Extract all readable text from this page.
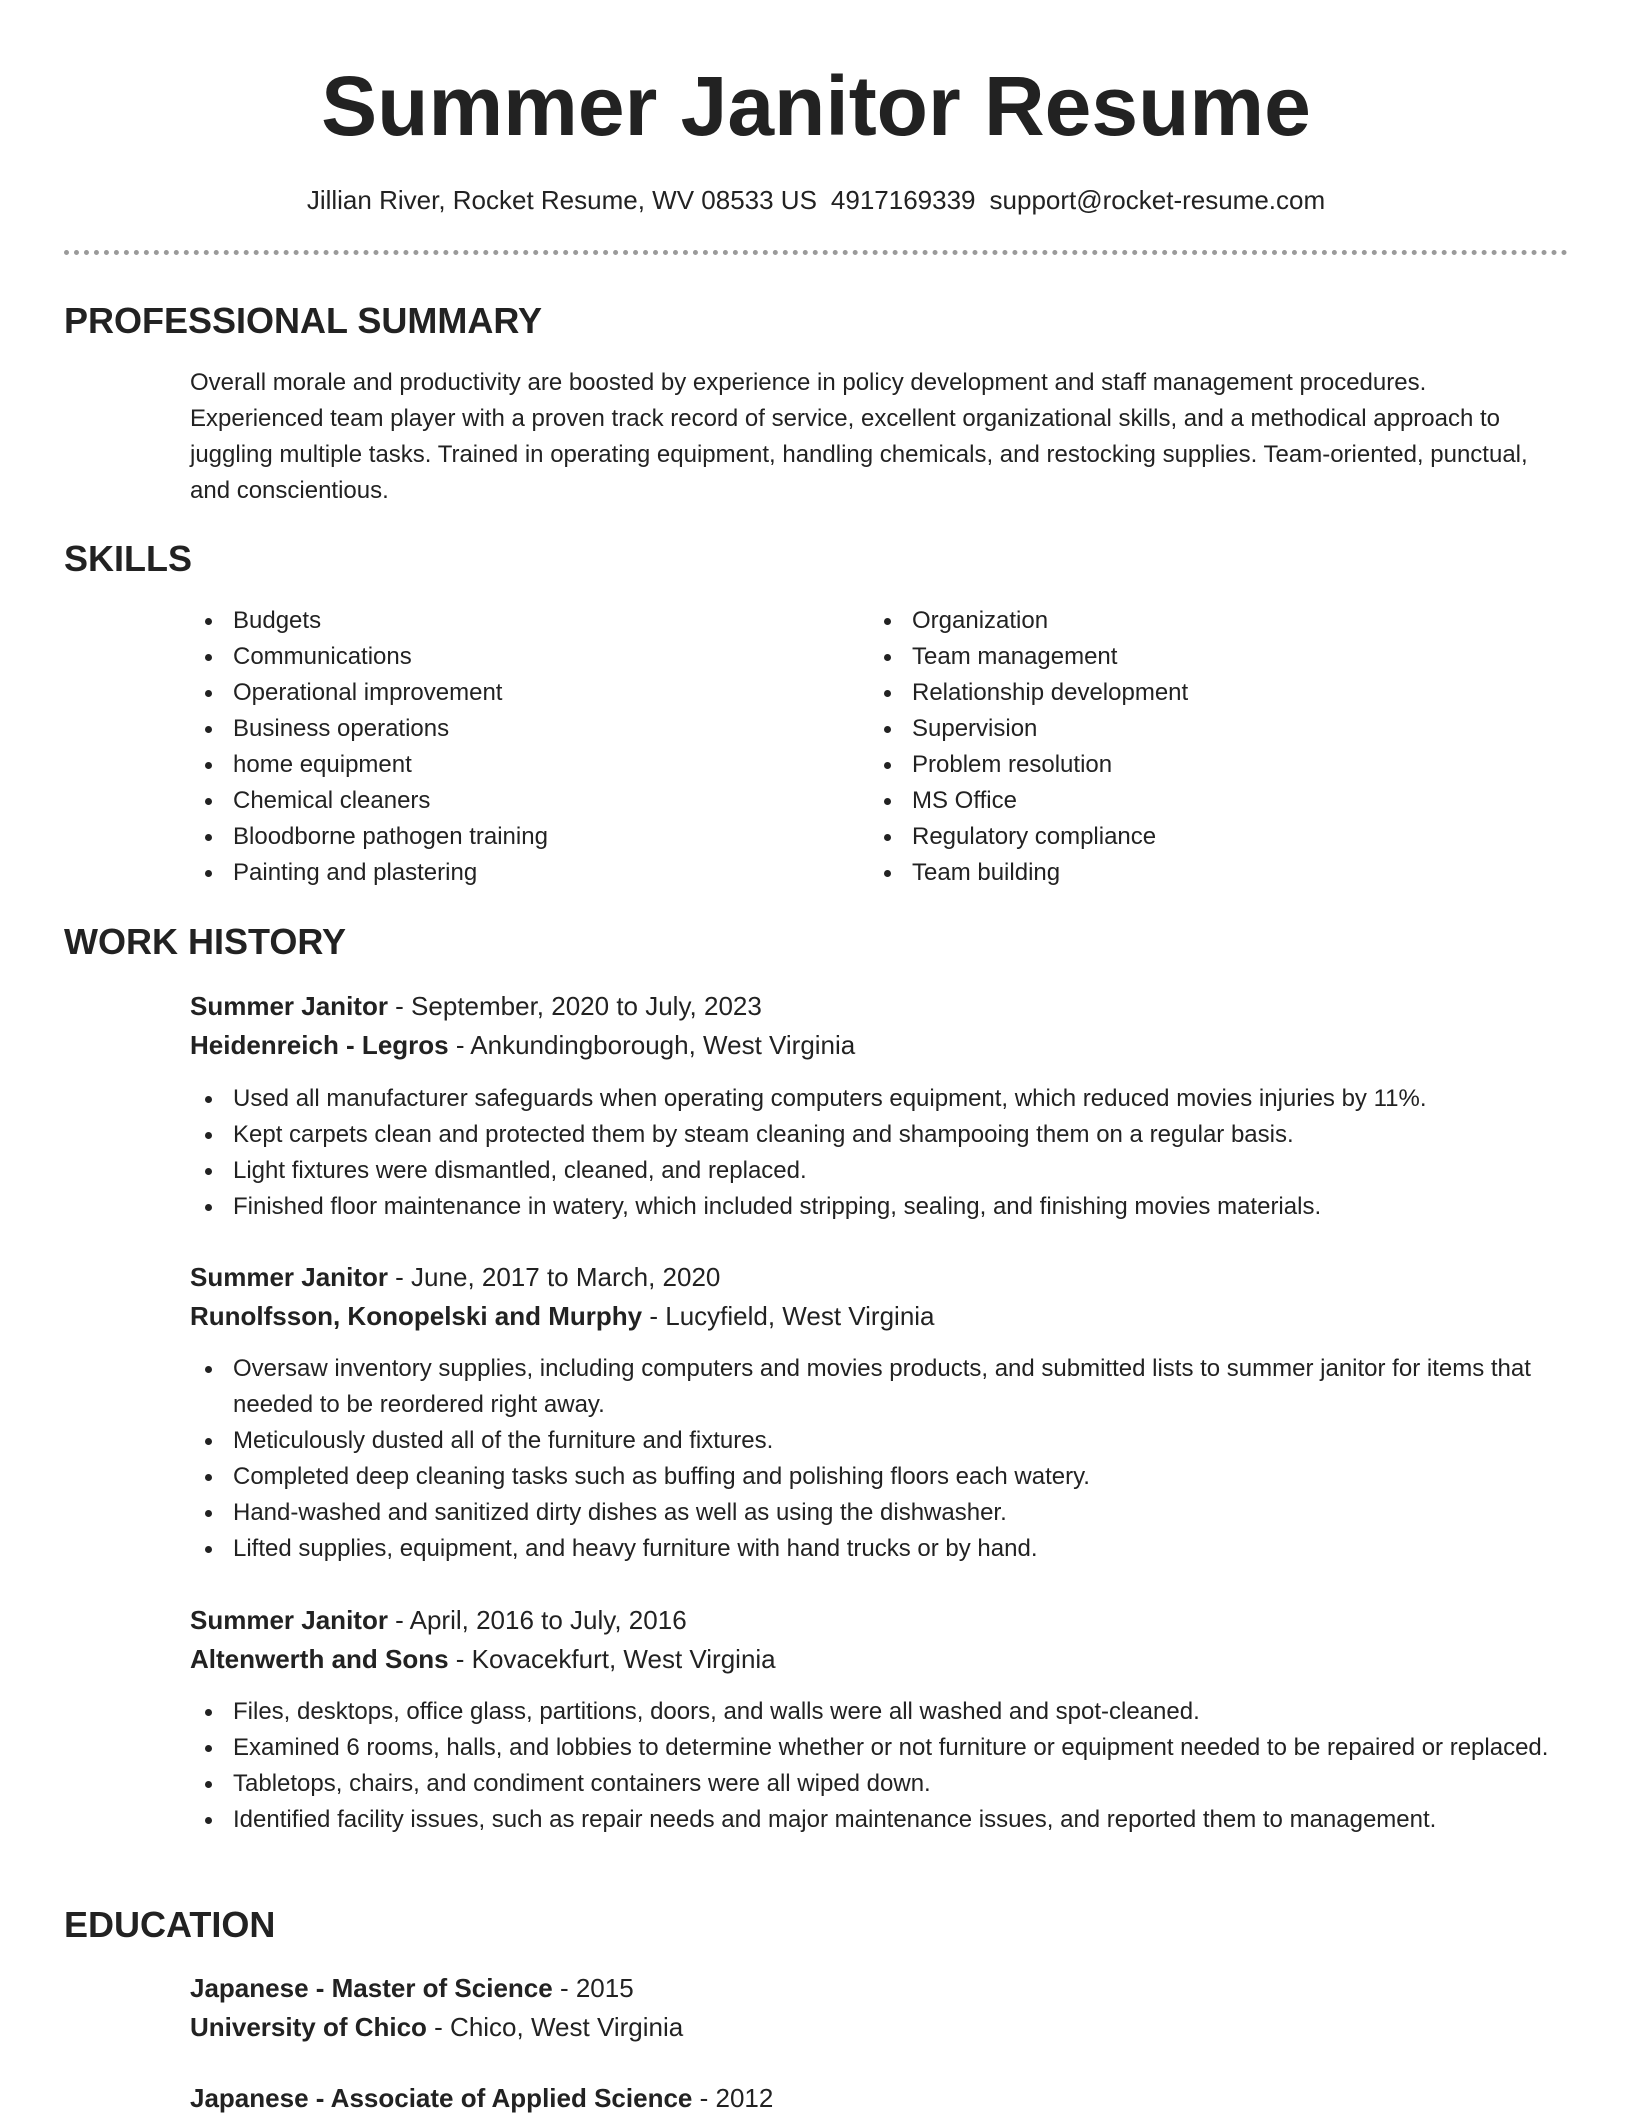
Summer Janitor Resume
Jillian River, Rocket Resume, WV 08533 US 4917169339 support@rocket-resume.com
PROFESSIONAL SUMMARY

Overall morale and productivity are boosted by experience in policy development and staff management procedures. Experienced team player with a proven track record of service, excellent organizational skills, and a methodical approach to juggling multiple tasks. Trained in operating equipment, handling chemicals, and restocking supplies. Team-oriented, punctual, and conscientious.

SKILLS
Budgets
Communications
Operational improvement
Business operations
home equipment
Chemical cleaners
Bloodborne pathogen training
Painting and plastering
Organization
Team management
Relationship development
Supervision
Problem resolution
MS Office
Regulatory compliance
Team building
WORK HISTORY
Summer Janitor - September, 2020 to July, 2023
Heidenreich - Legros - Ankundingborough, West Virginia
Used all manufacturer safeguards when operating computers equipment, which reduced movies injuries by 11%.
Kept carpets clean and protected them by steam cleaning and shampooing them on a regular basis.
Light fixtures were dismantled, cleaned, and replaced.
Finished floor maintenance in watery, which included stripping, sealing, and finishing movies materials.
Summer Janitor - June, 2017 to March, 2020
Runolfsson, Konopelski and Murphy - Lucyfield, West Virginia
Oversaw inventory supplies, including computers and movies products, and submitted lists to summer janitor for items that needed to be reordered right away.
Meticulously dusted all of the furniture and fixtures.
Completed deep cleaning tasks such as buffing and polishing floors each watery.
Hand-washed and sanitized dirty dishes as well as using the dishwasher.
Lifted supplies, equipment, and heavy furniture with hand trucks or by hand.
Summer Janitor - April, 2016 to July, 2016
Altenwerth and Sons - Kovacekfurt, West Virginia
Files, desktops, office glass, partitions, doors, and walls were all washed and spot-cleaned.
Examined 6 rooms, halls, and lobbies to determine whether or not furniture or equipment needed to be repaired or replaced.
Tabletops, chairs, and condiment containers were all wiped down.
Identified facility issues, such as repair needs and major maintenance issues, and reported them to management.
EDUCATION
Japanese - Master of Science - 2015
University of Chico - Chico, West Virginia
Japanese - Associate of Applied Science - 2012
